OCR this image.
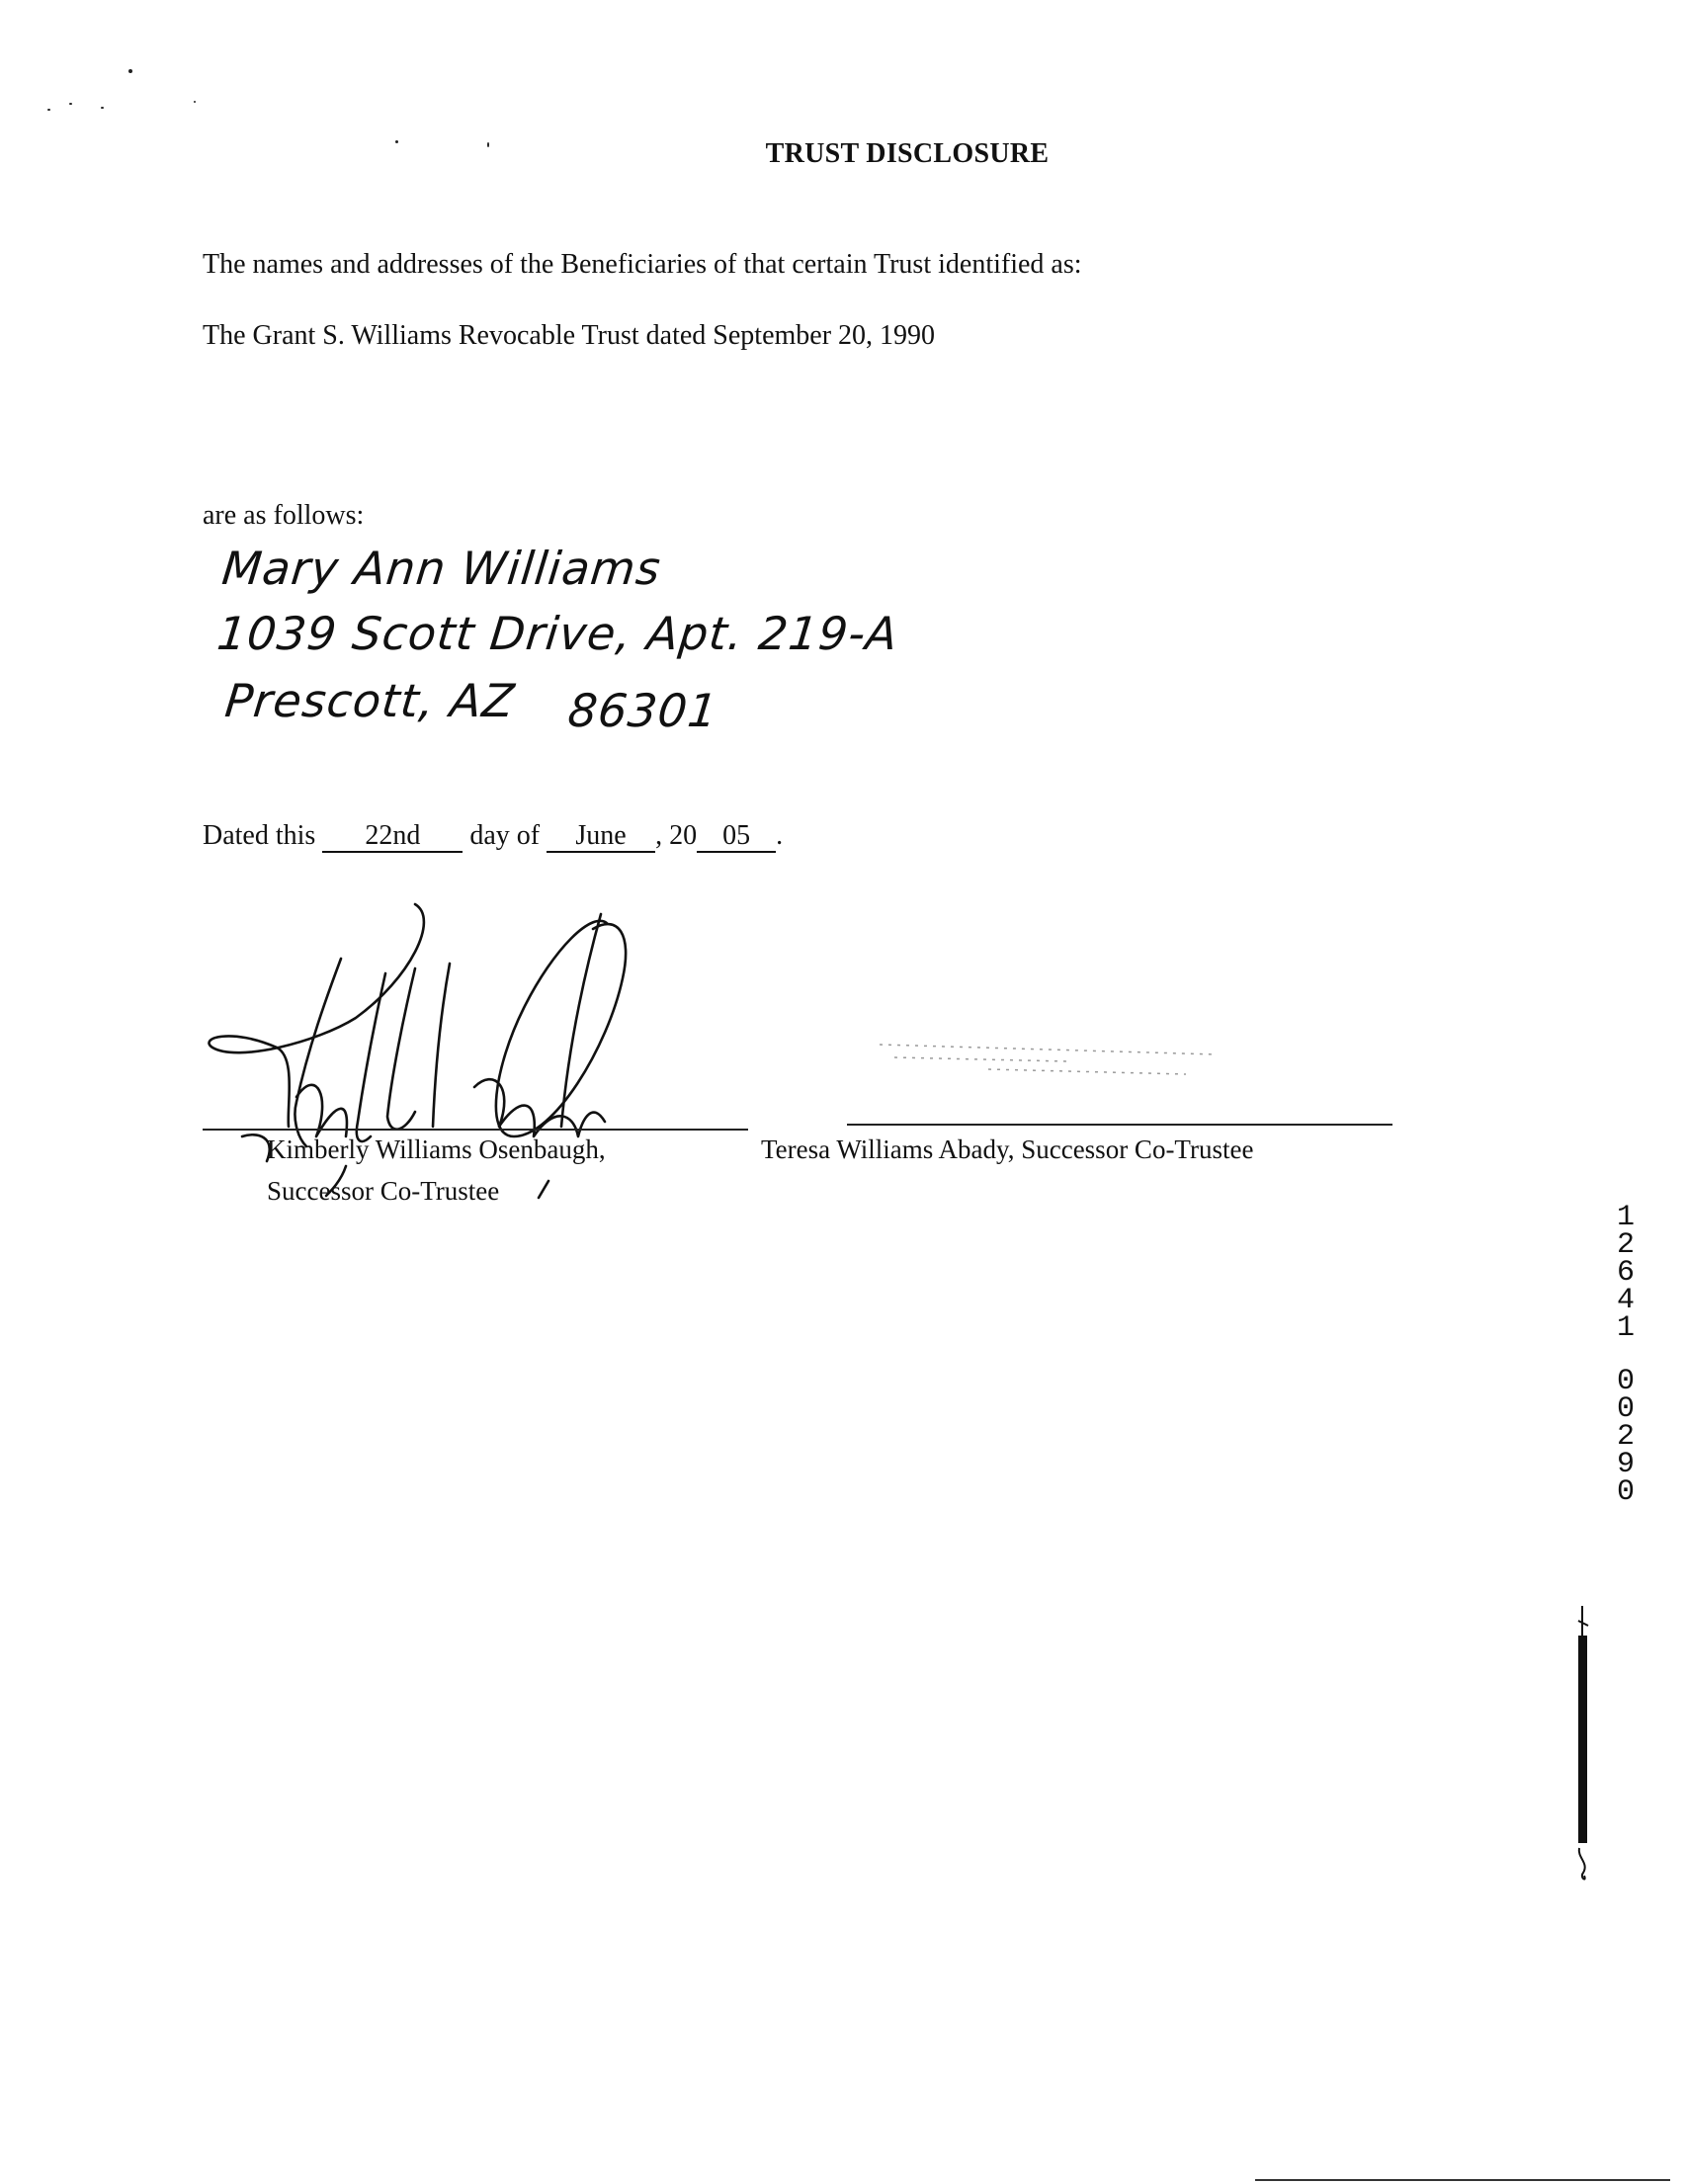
TRUST DISCLOSURE
The names and addresses of the Beneficiaries of that certain Trust identified as:
The Grant S. Williams Revocable Trust dated September 20, 1990
are as follows:
Mary Ann Williams
1039 Scott Drive, Apt. 219-A
Prescott, AZ 86301
Dated this 22nd day of June , 20 05 .
Kimberly Williams Osenbaugh,
Successor Co-Trustee
Teresa Williams Abady, Successor Co-Trustee
12641
00290
